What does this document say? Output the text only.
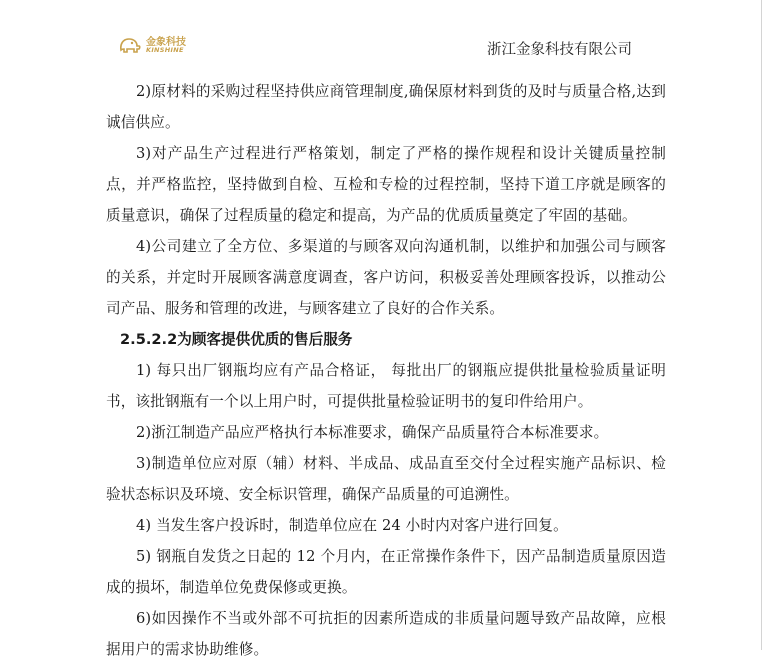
金象科技
KINSHINE	浙江金象科技有限公司

2)原材料的采购过程坚持供应商管理制度,确保原材料到货的及时与质量合格,达到诚信供应。

3)对产品生产过程进行严格策划，制定了严格的操作规程和设计关键质量控制点，并严格监控，坚持做到自检、互检和专检的过程控制，坚持下道工序就是顾客的质量意识，确保了过程质量的稳定和提高，为产品的优质质量奠定了牢固的基础。

4)公司建立了全方位、多渠道的与顾客双向沟通机制，以维护和加强公司与顾客的关系，并定时开展顾客满意度调查，客户访问，积极妥善处理顾客投诉，以推动公司产品、服务和管理的改进，与顾客建立了良好的合作关系。

2.5.2.2为顾客提供优质的售后服务

1) 每只出厂钢瓶均应有产品合格证， 每批出厂的钢瓶应提供批量检验质量证明书，该批钢瓶有一个以上用户时，可提供批量检验证明书的复印件给用户。

2)浙江制造产品应严格执行本标准要求，确保产品质量符合本标准要求。

3)制造单位应对原（辅）材料、半成品、成品直至交付全过程实施产品标识、检验状态标识及环境、安全标识管理，确保产品质量的可追溯性。

4) 当发生客户投诉时，制造单位应在 24 小时内对客户进行回复。

5) 钢瓶自发货之日起的 12 个月内，在正常操作条件下，因产品制造质量原因造成的损坏，制造单位免费保修或更换。

6)如因操作不当或外部不可抗拒的因素所造成的非质量问题导致产品故障，应根据用户的需求协助维修。
